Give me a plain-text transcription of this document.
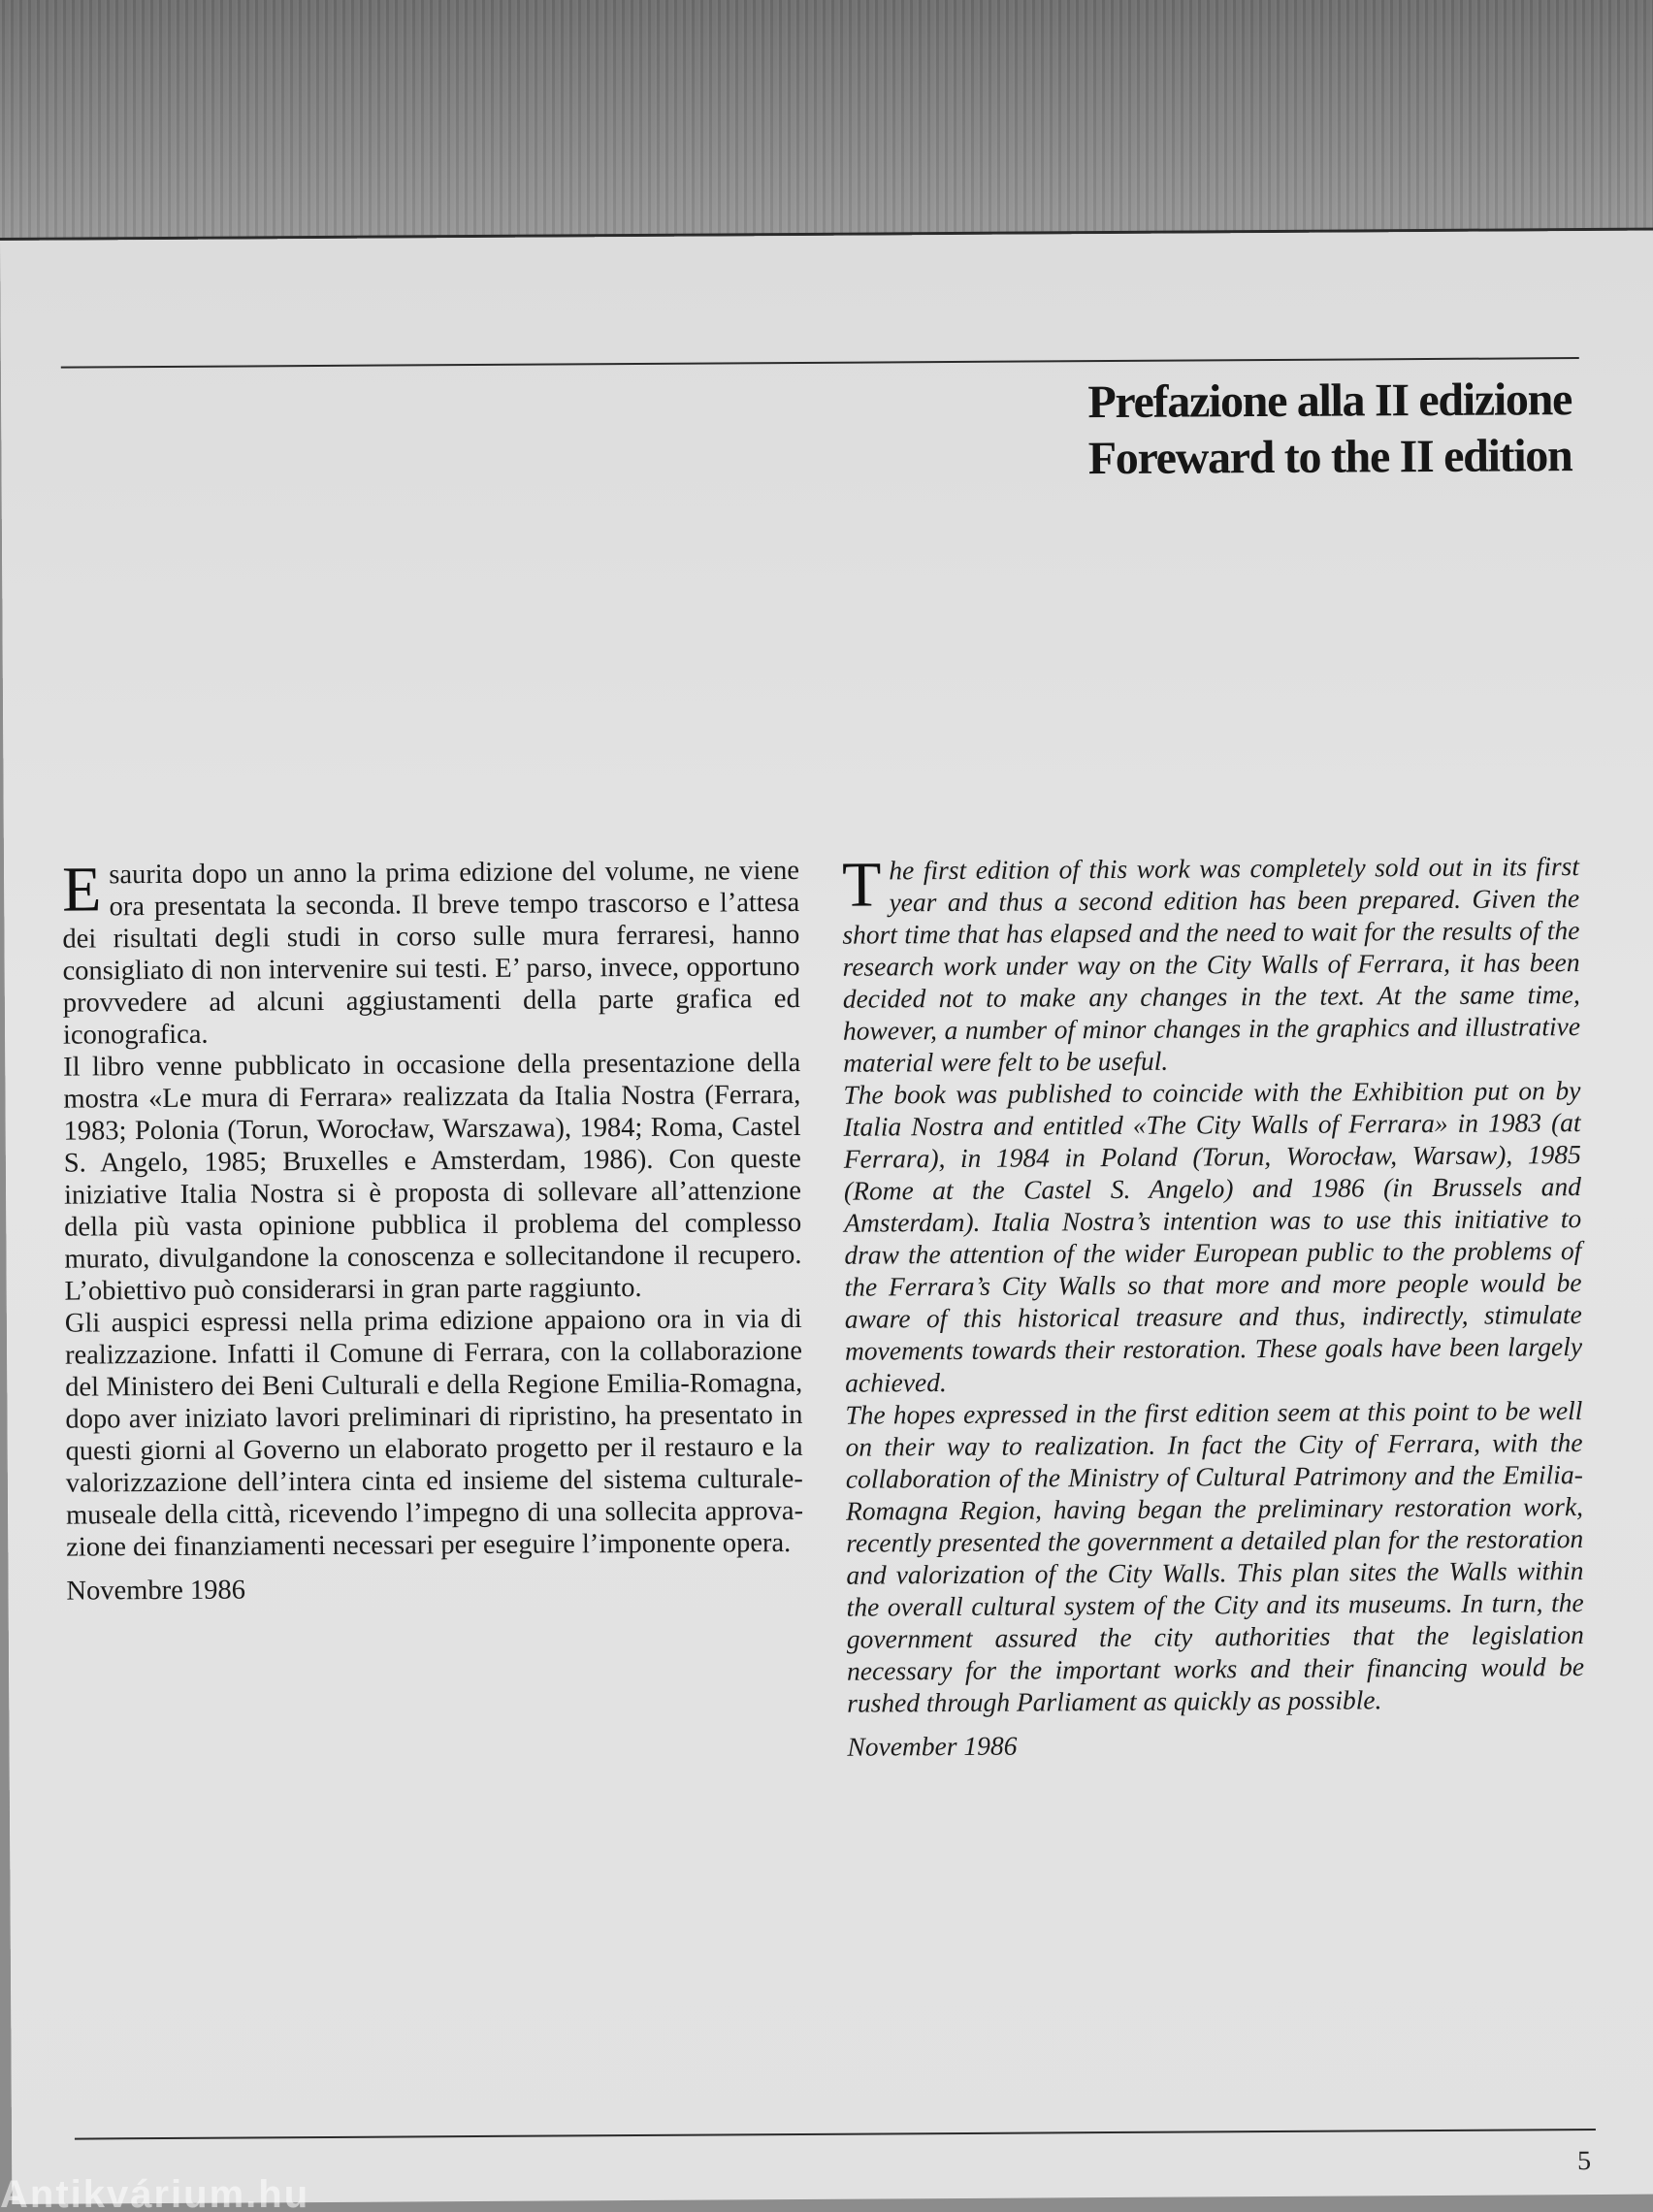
Prefazione alla II edizione
Foreward to the II edition

Esaurita dopo un anno la prima edizione del volume, ne viene ora presentata la seconda. Il breve tempo trascorso e l’attesa dei risultati degli studi in corso sulle mura ferraresi, hanno consigliato di non intervenire sui testi. E’ parso, invece, opportuno provvedere ad alcuni aggiustamenti della parte grafica ed iconografica.

Il libro venne pubblicato in occasione della presentazione della mostra «Le mura di Ferrara» realizzata da Italia Nostra (Ferrara, 1983; Polonia (Torun, Worocław, Warszawa), 1984; Roma, Castel S. Angelo, 1985; Bruxelles e Amsterdam, 1986). Con queste iniziative Italia Nostra si è proposta di sollevare all’attenzione della più vasta opinione pubblica il problema del complesso murato, divulgandone la conoscenza e sollecitandone il recupero. L’obiettivo può considerarsi in gran parte raggiunto.

Gli auspici espressi nella prima edizione appaiono ora in via di realizzazione. Infatti il Comune di Ferrara, con la collaborazione del Ministero dei Beni Culturali e della Regione Emilia-Romagna, dopo aver iniziato lavori preliminari di ripristino, ha presentato in questi giorni al Governo un elaborato progetto per il restauro e la valorizzazione dell’intera cinta ed insieme del sistema culturale-museale della città, ricevendo l’impegno di una sollecita approvazione dei finanziamenti necessari per eseguire l’imponente opera.

Novembre 1986

The first edition of this work was completely sold out in its first year and thus a second edition has been prepared. Given the short time that has elapsed and the need to wait for the results of the research work under way on the City Walls of Ferrara, it has been decided not to make any changes in the text. At the same time, however, a number of minor changes in the graphics and illustrative material were felt to be useful.

The book was published to coincide with the Exhibition put on by Italia Nostra and entitled «The City Walls of Ferrara» in 1983 (at Ferrara), in 1984 in Poland (Torun, Worocław, Warsaw), 1985 (Rome at the Castel S. Angelo) and 1986 (in Brussels and Amsterdam). Italia Nostra’s intention was to use this initiative to draw the attention of the wider European public to the problems of the Ferrara’s City Walls so that more and more people would be aware of this historical treasure and thus, indirectly, stimulate movements towards their restoration. These goals have been largely achieved.

The hopes expressed in the first edition seem at this point to be well on their way to realization. In fact the City of Ferrara, with the collaboration of the Ministry of Cultural Patrimony and the Emilia-Romagna Region, having began the preliminary restoration work, recently presented the government a detailed plan for the restoration and valorization of the City Walls. This plan sites the Walls within the overall cultural system of the City and its museums. In turn, the government assured the city authorities that the legislation necessary for the important works and their financing would be rushed through Parliament as quickly as possible.

November 1986

5
Antikvárium.hu
